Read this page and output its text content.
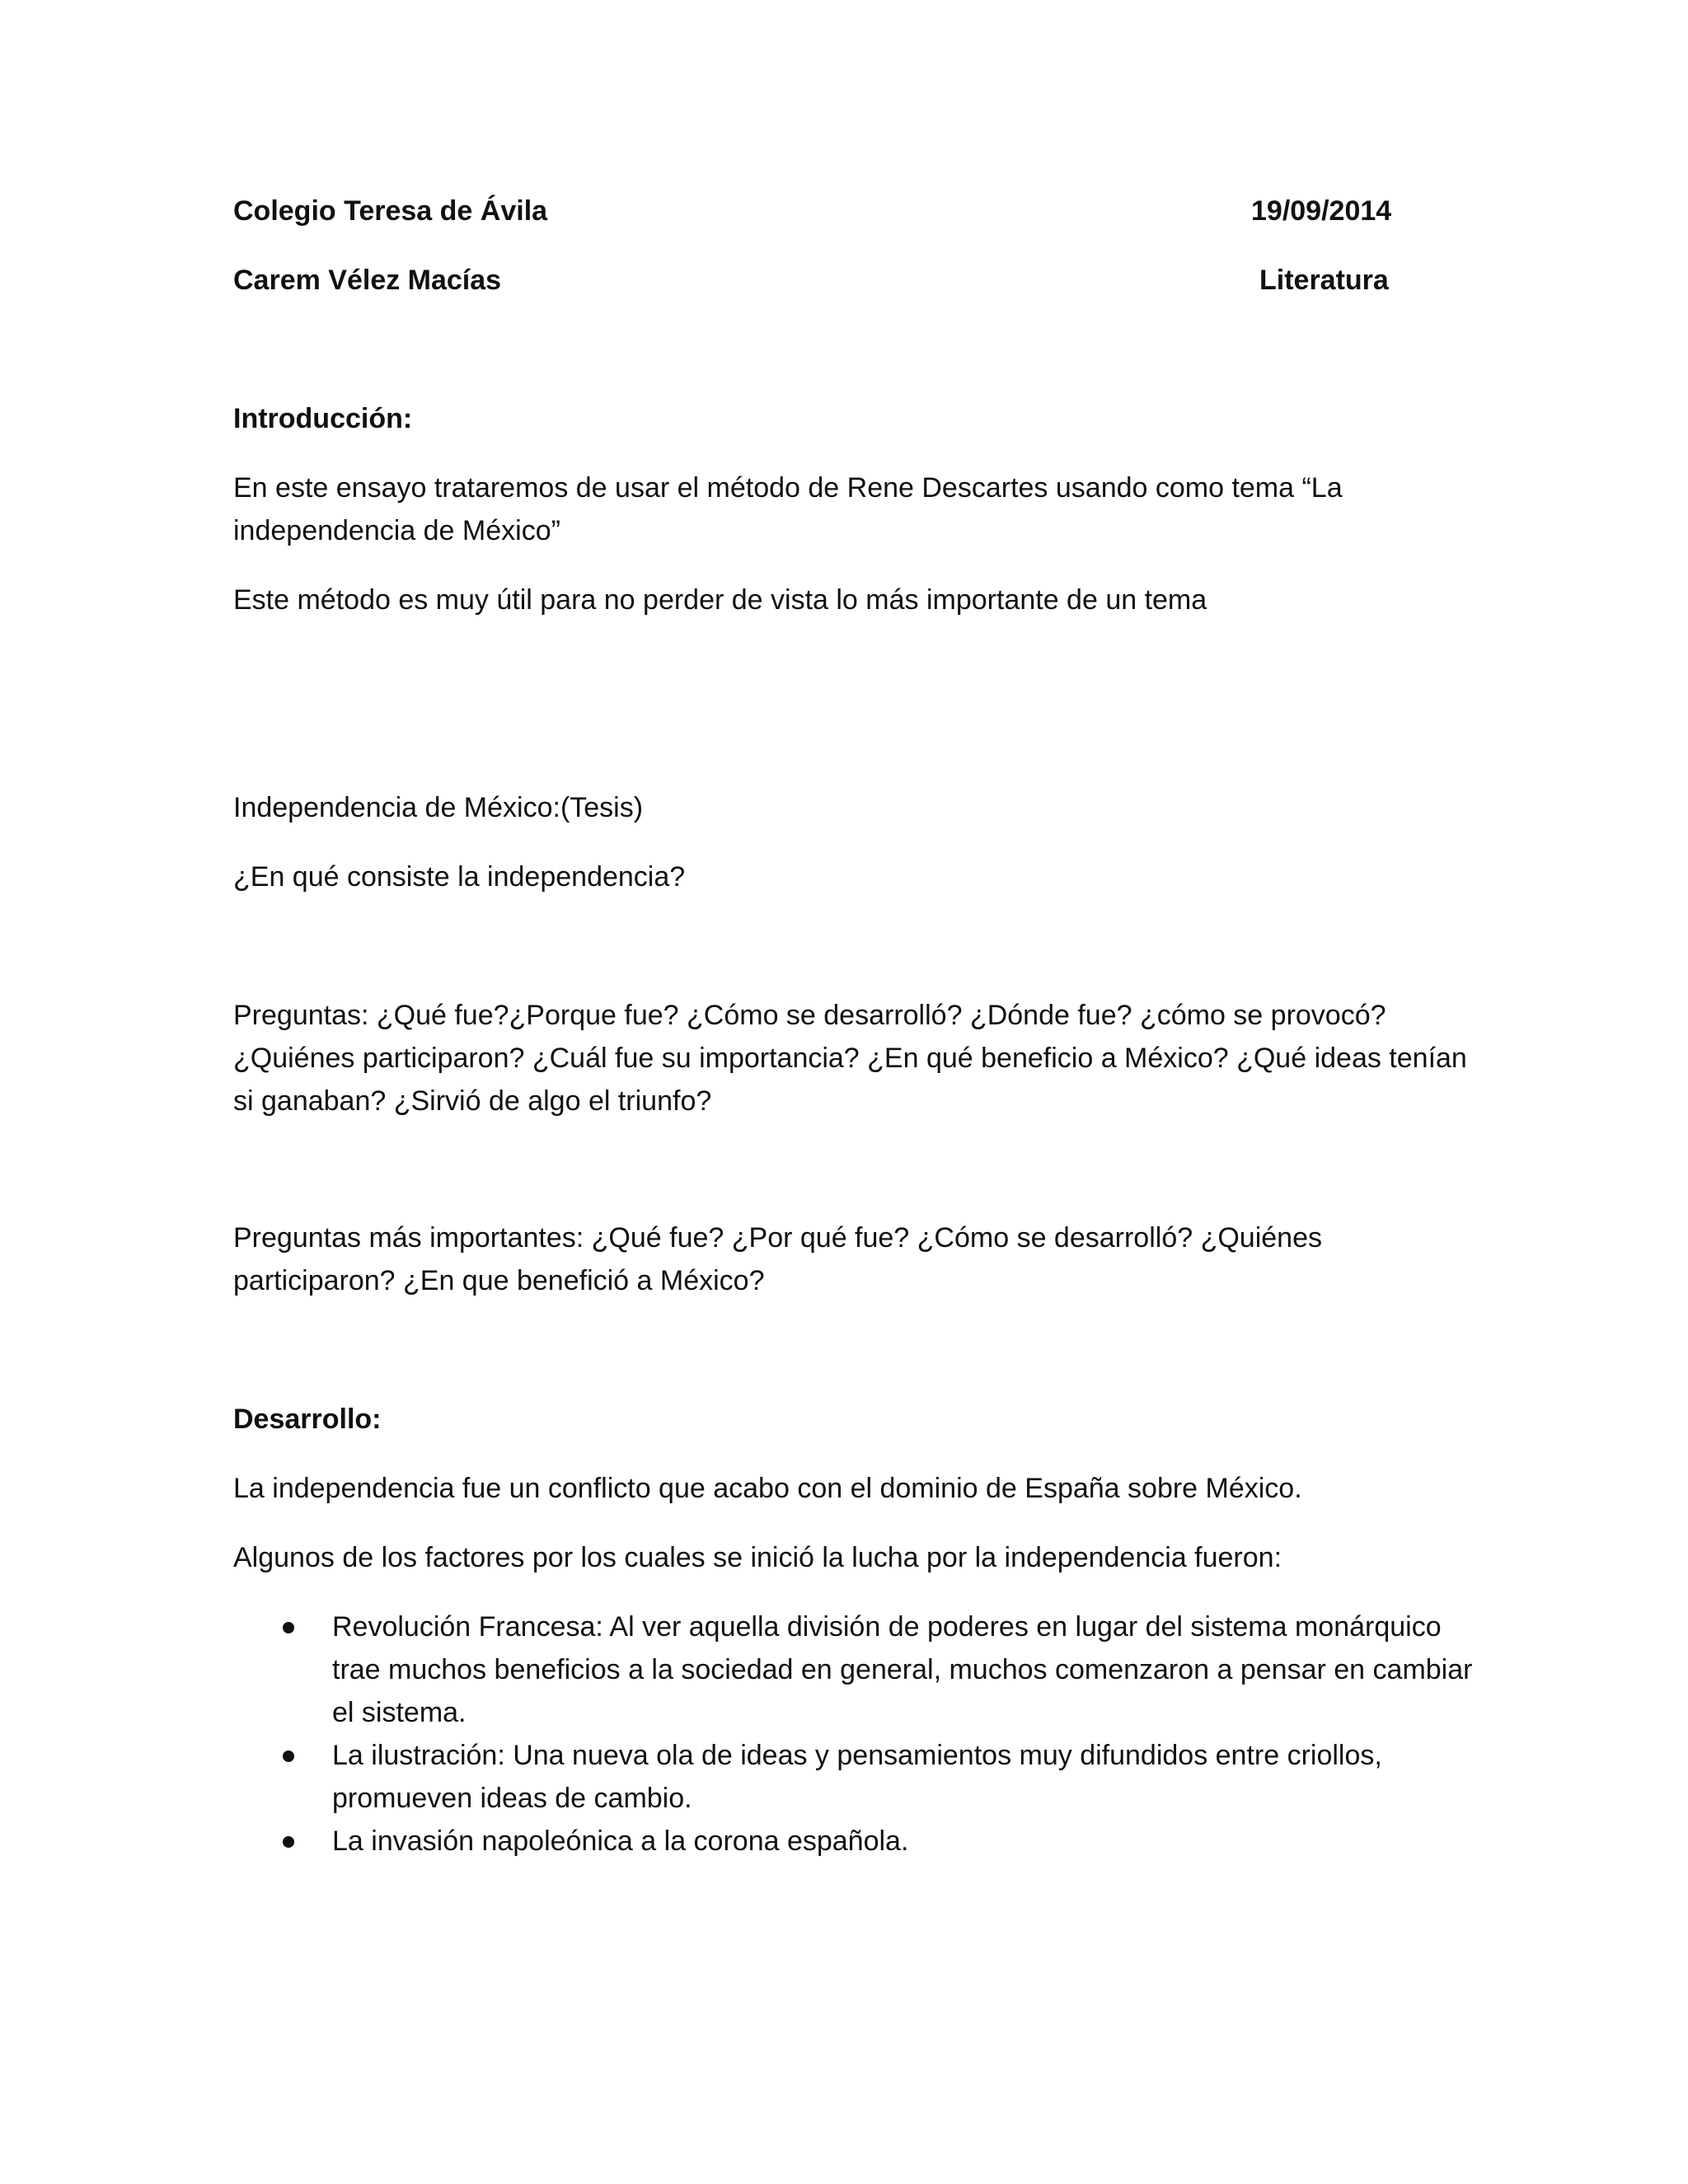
Colegio Teresa de Ávila	19/09/2014
Carem Vélez Macías	Literatura
Introducción:
En este ensayo trataremos de usar el método de Rene Descartes usando como tema “La
independencia de México”
Este método es muy útil para no perder de vista lo más importante de un tema
Independencia de México:(Tesis)
¿En qué consiste la independencia?
Preguntas: ¿Qué fue?¿Porque fue? ¿Cómo se desarrolló? ¿Dónde fue? ¿cómo se provocó?
¿Quiénes participaron? ¿Cuál fue su importancia? ¿En qué beneficio a México? ¿Qué ideas tenían
si ganaban? ¿Sirvió de algo el triunfo?
Preguntas más importantes: ¿Qué fue? ¿Por qué fue? ¿Cómo se desarrolló? ¿Quiénes
participaron? ¿En que benefició a México?
Desarrollo:
La independencia fue un conflicto que acabo con el dominio de España sobre México.
Algunos de los factores por los cuales se inició la lucha por la independencia fueron:
Revolución Francesa: Al ver aquella división de poderes en lugar del sistema monárquico
trae muchos beneficios a la sociedad en general, muchos comenzaron a pensar en cambiar
el sistema.
La ilustración: Una nueva ola de ideas y pensamientos muy difundidos entre criollos,
promueven ideas de cambio.
La invasión napoleónica a la corona española.
